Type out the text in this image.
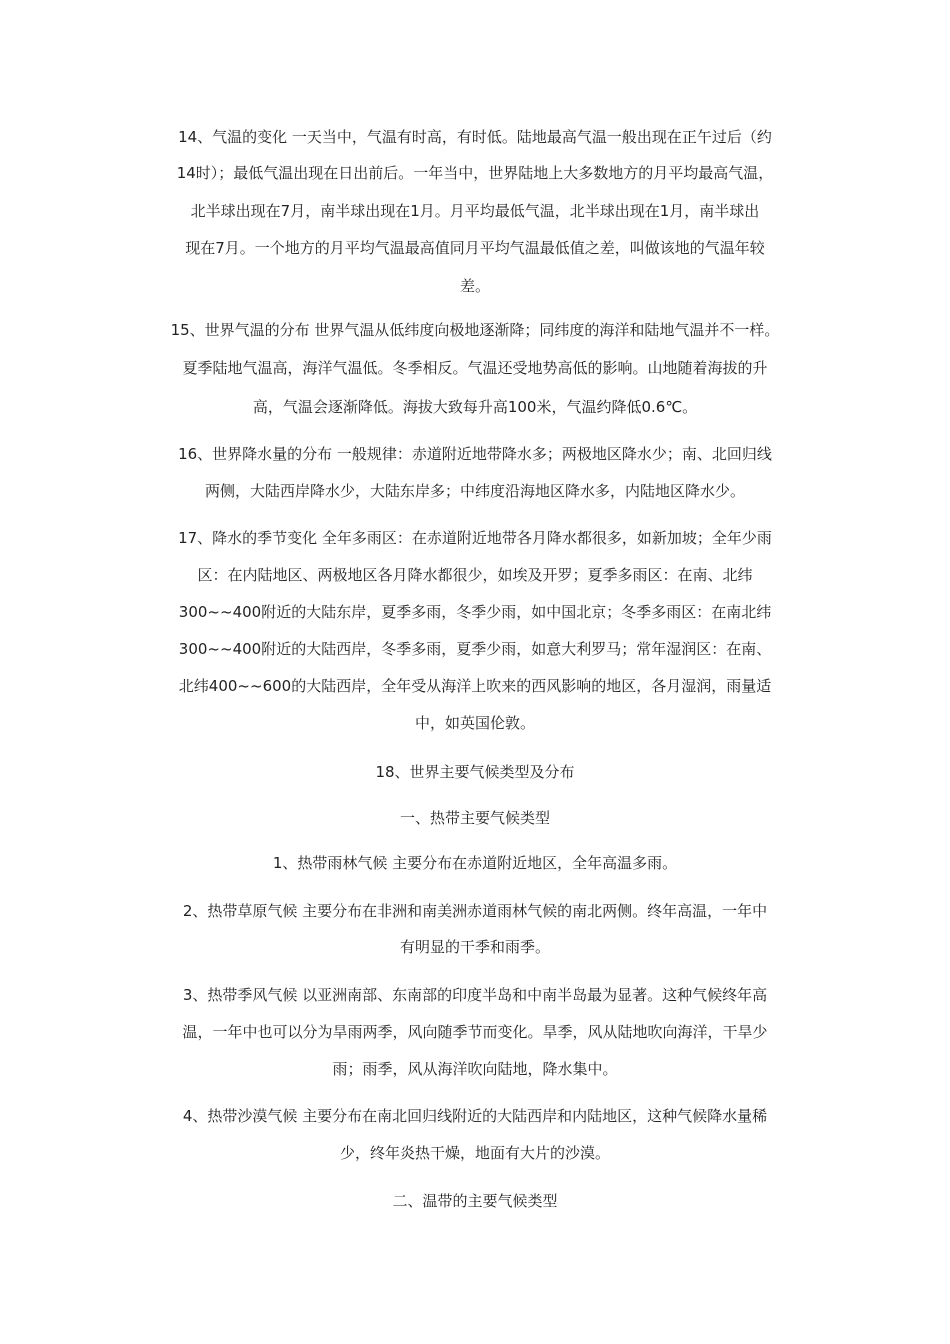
14、气温的变化 一天当中，气温有时高，有时低。陆地最高气温一般出现在正午过后（约
14时）；最低气温出现在日出前后。一年当中，世界陆地上大多数地方的月平均最高气温，
北半球出现在7月，南半球出现在1月。月平均最低气温，北半球出现在1月，南半球出
现在7月。一个地方的月平均气温最高值同月平均气温最低值之差，叫做该地的气温年较
差。
15、世界气温的分布 世界气温从低纬度向极地逐渐降；同纬度的海洋和陆地气温并不一样。
夏季陆地气温高，海洋气温低。冬季相反。气温还受地势高低的影响。山地随着海拔的升
高，气温会逐渐降低。海拔大致每升高100米，气温约降低0.6℃。
16、世界降水量的分布 一般规律：赤道附近地带降水多；两极地区降水少；南、北回归线
两侧，大陆西岸降水少，大陆东岸多；中纬度沿海地区降水多，内陆地区降水少。
17、降水的季节变化 全年多雨区：在赤道附近地带各月降水都很多，如新加坡；全年少雨
区：在内陆地区、两极地区各月降水都很少，如埃及开罗；夏季多雨区：在南、北纬
300~~400附近的大陆东岸，夏季多雨，冬季少雨，如中国北京；冬季多雨区：在南北纬
300~~400附近的大陆西岸，冬季多雨，夏季少雨，如意大利罗马；常年湿润区：在南、
北纬400~~600的大陆西岸，全年受从海洋上吹来的西风影响的地区，各月湿润，雨量适
中，如英国伦敦。
18、世界主要气候类型及分布
一、热带主要气候类型
1、热带雨林气候 主要分布在赤道附近地区，全年高温多雨。
2、热带草原气候 主要分布在非洲和南美洲赤道雨林气候的南北两侧。终年高温，一年中
有明显的干季和雨季。
3、热带季风气候 以亚洲南部、东南部的印度半岛和中南半岛最为显著。这种气候终年高
温，一年中也可以分为旱雨两季，风向随季节而变化。旱季，风从陆地吹向海洋，干旱少
雨；雨季，风从海洋吹向陆地，降水集中。
4、热带沙漠气候 主要分布在南北回归线附近的大陆西岸和内陆地区，这种气候降水量稀
少，终年炎热干燥，地面有大片的沙漠。
二、温带的主要气候类型
